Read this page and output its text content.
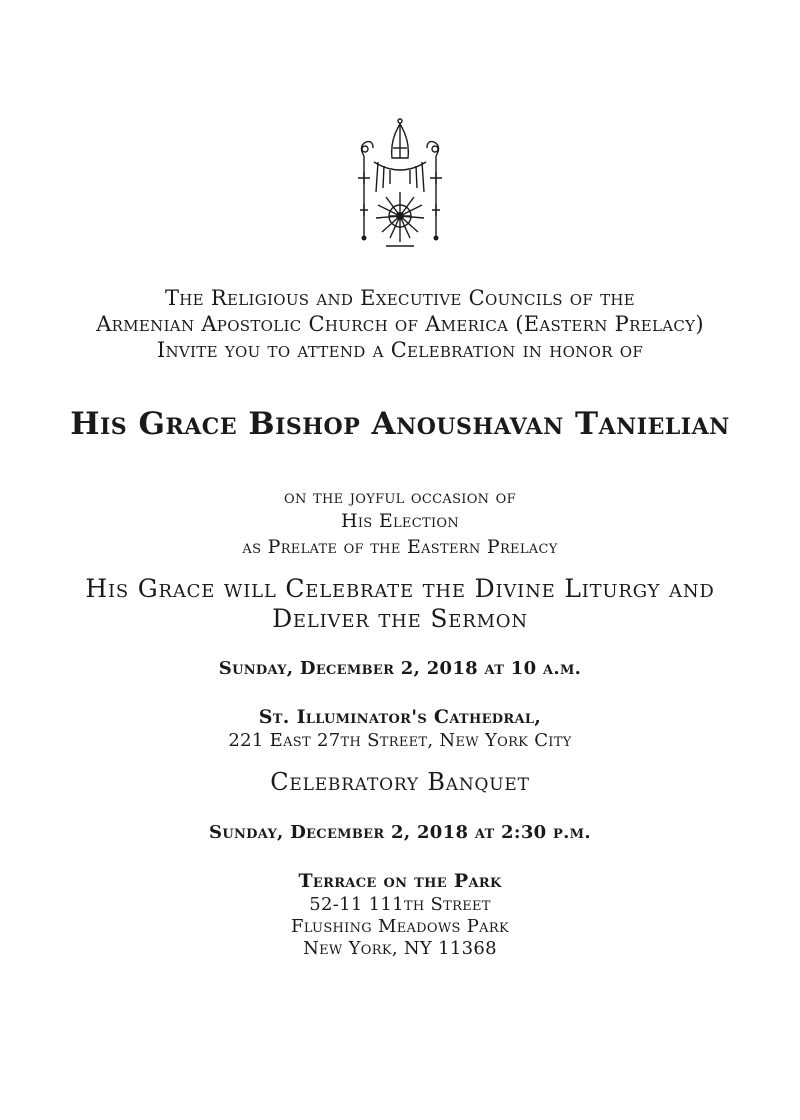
The Religious and Executive Councils of the
Armenian Apostolic Church of America (Eastern Prelacy)
Invite you to attend a Celebration in honor of
His Grace Bishop Anoushavan Tanielian
on the joyful occasion of
His Election
as Prelate of the Eastern Prelacy
His Grace will Celebrate the Divine Liturgy and
Deliver the Sermon
Sunday, December 2, 2018 at 10 a.m.
St. Illuminator's Cathedral,
221 East 27th Street, New York City
Celebratory Banquet
Sunday, December 2, 2018 at 2:30 p.m.
Terrace on the Park
52-11 111th Street
Flushing Meadows Park
New York, NY 11368
